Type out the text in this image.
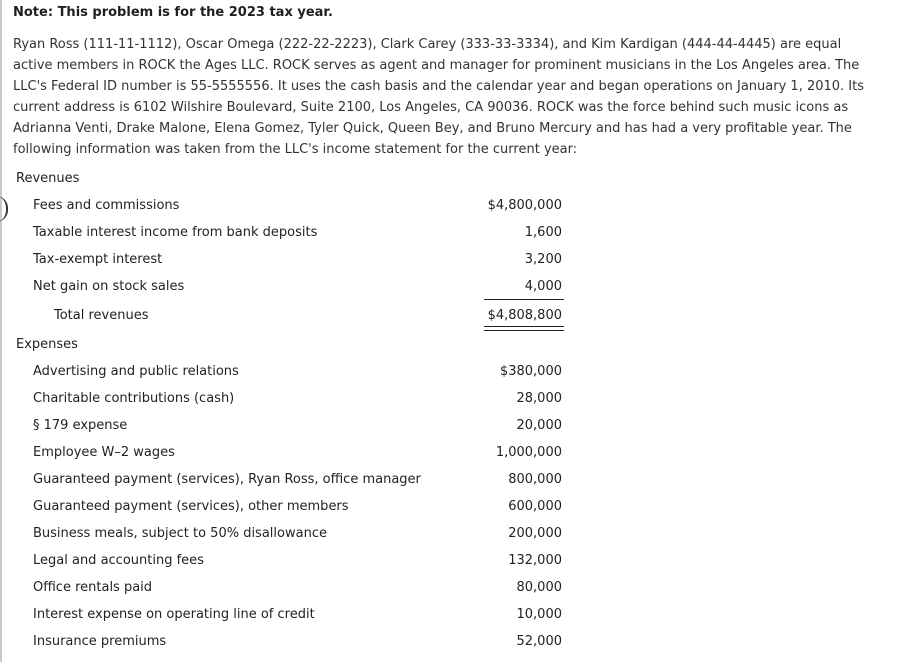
Note: This problem is for the 2023 tax year.
Ryan Ross (111-11-1112), Oscar Omega (222-22-2223), Clark Carey (333-33-3334), and Kim Kardigan (444-44-4445) are equal active members in ROCK the Ages LLC. ROCK serves as agent and manager for prominent musicians in the Los Angeles area. The LLC's Federal ID number is 55-5555556. It uses the cash basis and the calendar year and began operations on January 1, 2010. Its current address is 6102 Wilshire Boulevard, Suite 2100, Los Angeles, CA 90036. ROCK was the force behind such music icons as Adrianna Venti, Drake Malone, Elena Gomez, Tyler Quick, Queen Bey, and Bruno Mercury and has had a very profitable year. The following information was taken from the LLC's income statement for the current year:
Revenues
Fees and commissions	$4,800,000
Taxable interest income from bank deposits	1,600
Tax-exempt interest	3,200
Net gain on stock sales	4,000
Total revenues	$4,808,800
Expenses
Advertising and public relations	$380,000
Charitable contributions (cash)	28,000
§ 179 expense	20,000
Employee W–2 wages	1,000,000
Guaranteed payment (services), Ryan Ross, office manager	800,000
Guaranteed payment (services), other members	600,000
Business meals, subject to 50% disallowance	200,000
Legal and accounting fees	132,000
Office rentals paid	80,000
Interest expense on operating line of credit	10,000
Insurance premiums	52,000
